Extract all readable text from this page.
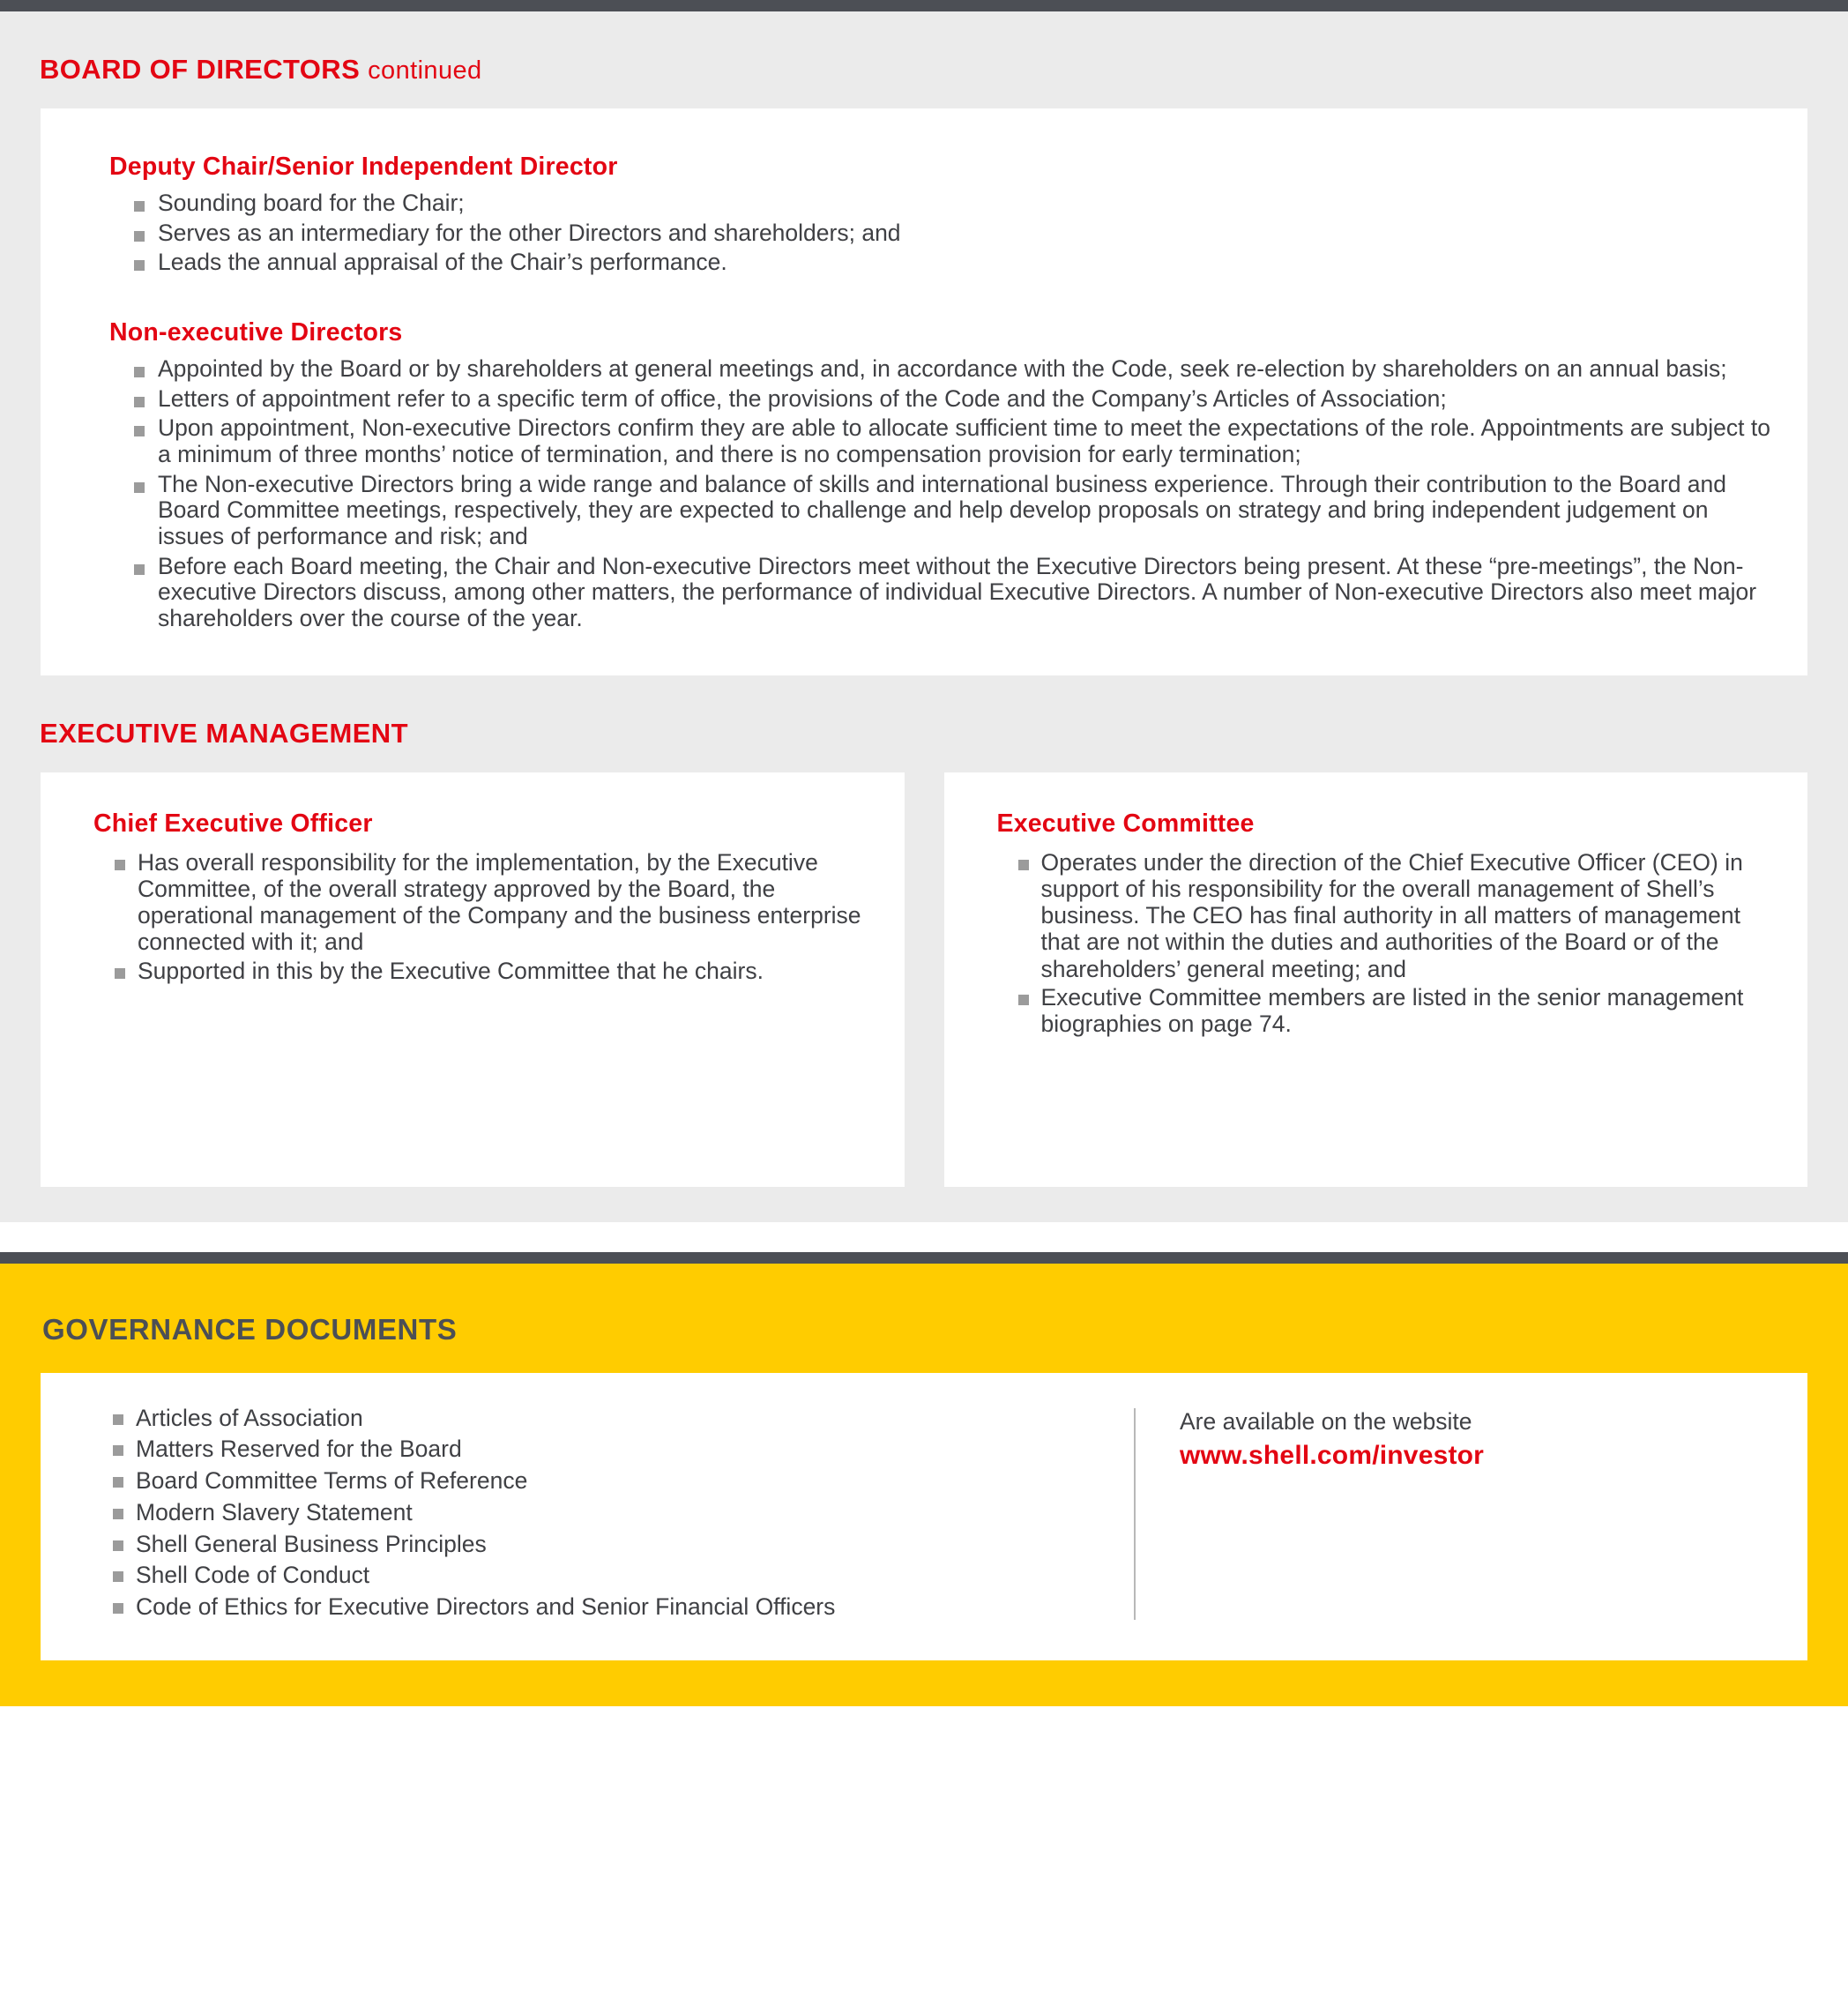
BOARD OF DIRECTORS continued
Deputy Chair/Senior Independent Director
Sounding board for the Chair;
Serves as an intermediary for the other Directors and shareholders; and
Leads the annual appraisal of the Chair’s performance.
Non-executive Directors
Appointed by the Board or by shareholders at general meetings and, in accordance with the Code, seek re-election by shareholders on an annual basis;
Letters of appointment refer to a specific term of office, the provisions of the Code and the Company’s Articles of Association;
Upon appointment, Non-executive Directors confirm they are able to allocate sufficient time to meet the expectations of the role. Appointments are subject to a minimum of three months’ notice of termination, and there is no compensation provision for early termination;
The Non-executive Directors bring a wide range and balance of skills and international business experience. Through their contribution to the Board and Board Committee meetings, respectively, they are expected to challenge and help develop proposals on strategy and bring independent judgement on issues of performance and risk; and
Before each Board meeting, the Chair and Non-executive Directors meet without the Executive Directors being present. At these “pre-meetings”, the Non-executive Directors discuss, among other matters, the performance of individual Executive Directors. A number of Non-executive Directors also meet major shareholders over the course of the year.
EXECUTIVE MANAGEMENT
Chief Executive Officer
Has overall responsibility for the implementation, by the Executive Committee, of the overall strategy approved by the Board, the operational management of the Company and the business enterprise connected with it; and
Supported in this by the Executive Committee that he chairs.
Executive Committee
Operates under the direction of the Chief Executive Officer (CEO) in support of his responsibility for the overall management of Shell’s business. The CEO has final authority in all matters of management that are not within the duties and authorities of the Board or of the shareholders’ general meeting; and
Executive Committee members are listed in the senior management biographies on page 74.
GOVERNANCE DOCUMENTS
Articles of Association
Matters Reserved for the Board
Board Committee Terms of Reference
Modern Slavery Statement
Shell General Business Principles
Shell Code of Conduct
Code of Ethics for Executive Directors and Senior Financial Officers
Are available on the website
www.shell.com/investor
